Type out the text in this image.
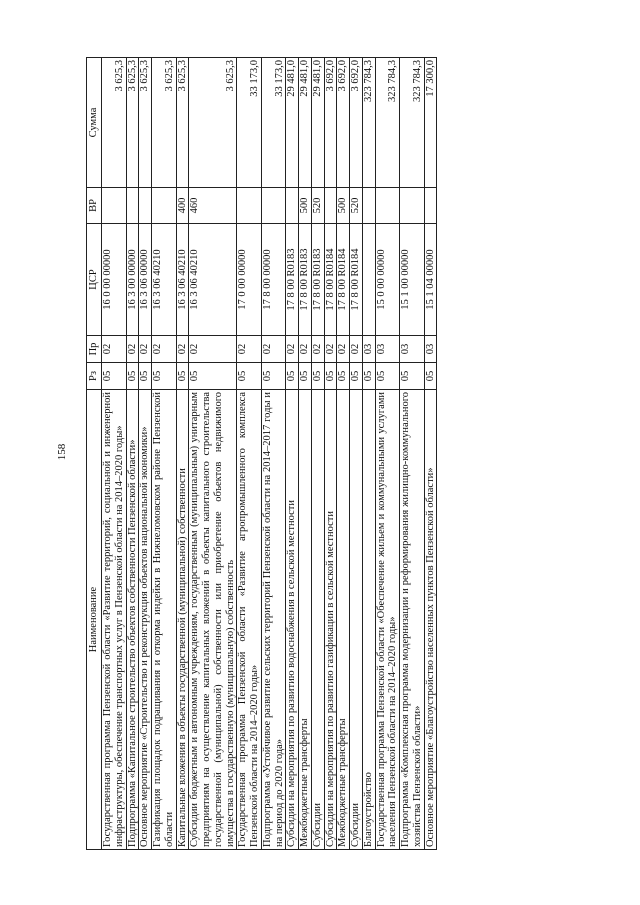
158
Наименование	Рз	Пр	ЦСР	ВР	Сумма
Государственная программа Пензенской области «Развитие территорий, социальной и инженерной инфраструктуры, обеспечение транспортных услуг в Пензенской области на 2014–2020 годы»	05	02	16 0 00 00000		3 625,3
Подпрограмма «Капитальное строительство объектов собственности Пензенской области»	05	02	16 3 00 00000		3 625,3
Основное мероприятие «Строительство и реконструкция объектов национальной экономики»	05	02	16 3 06 00000		3 625,3
Газификация площадок подращивания и откорма индейки в Нижнеломовском районе Пензенской области	05	02	16 3 06 40210		3 625,3
Капитальные вложения в объекты государственной (муниципальной) собственности	05	02	16 3 06 40210	400	3 625,3
Субсидии бюджетным и автономным учреждениям, государственным (муниципальным) унитарным предприятиям на осуществление капитальных вложений в объекты капитального строительства государственной (муниципальной) собственности или приобретение объектов недвижимого имущества в государственную (муниципальную) собственность	05	02	16 3 06 40210	460	3 625,3
Государственная программа Пензенской области «Развитие агропромышленного комплекса Пензенской области на 2014–2020 годы»	05	02	17 0 00 00000		33 173,0
Подпрограмма «Устойчивое развитие сельских территорий Пензенской области на 2014–2017 годы и на период до 2020 года»	05	02	17 8 00 00000		33 173,0
Субсидии на мероприятия по развитию водоснабжения в сельской местности	05	02	17 8 00 R0183		29 481,0
Межбюджетные трансферты	05	02	17 8 00 R0183	500	29 481,0
Субсидии	05	02	17 8 00 R0183	520	29 481,0
Субсидии на мероприятия по развитию газификации в сельской местности	05	02	17 8 00 R0184		3 692,0
Межбюджетные трансферты	05	02	17 8 00 R0184	500	3 692,0
Субсидии	05	02	17 8 00 R0184	520	3 692,0
Благоустройство	05	03			323 784,3
Государственная программа Пензенской области «Обеспечение жильем и коммунальными услугами населения Пензенской области на 2014–2020 годы»	05	03	15 0 00 00000		323 784,3
Подпрограмма «Комплексная программа модернизации и реформирования жилищно-коммунального хозяйства Пензенской области»	05	03	15 1 00 00000		323 784,3
Основное мероприятие «Благоустройство населенных пунктов Пензенской области»	05	03	15 1 04 00000		17 300,0
